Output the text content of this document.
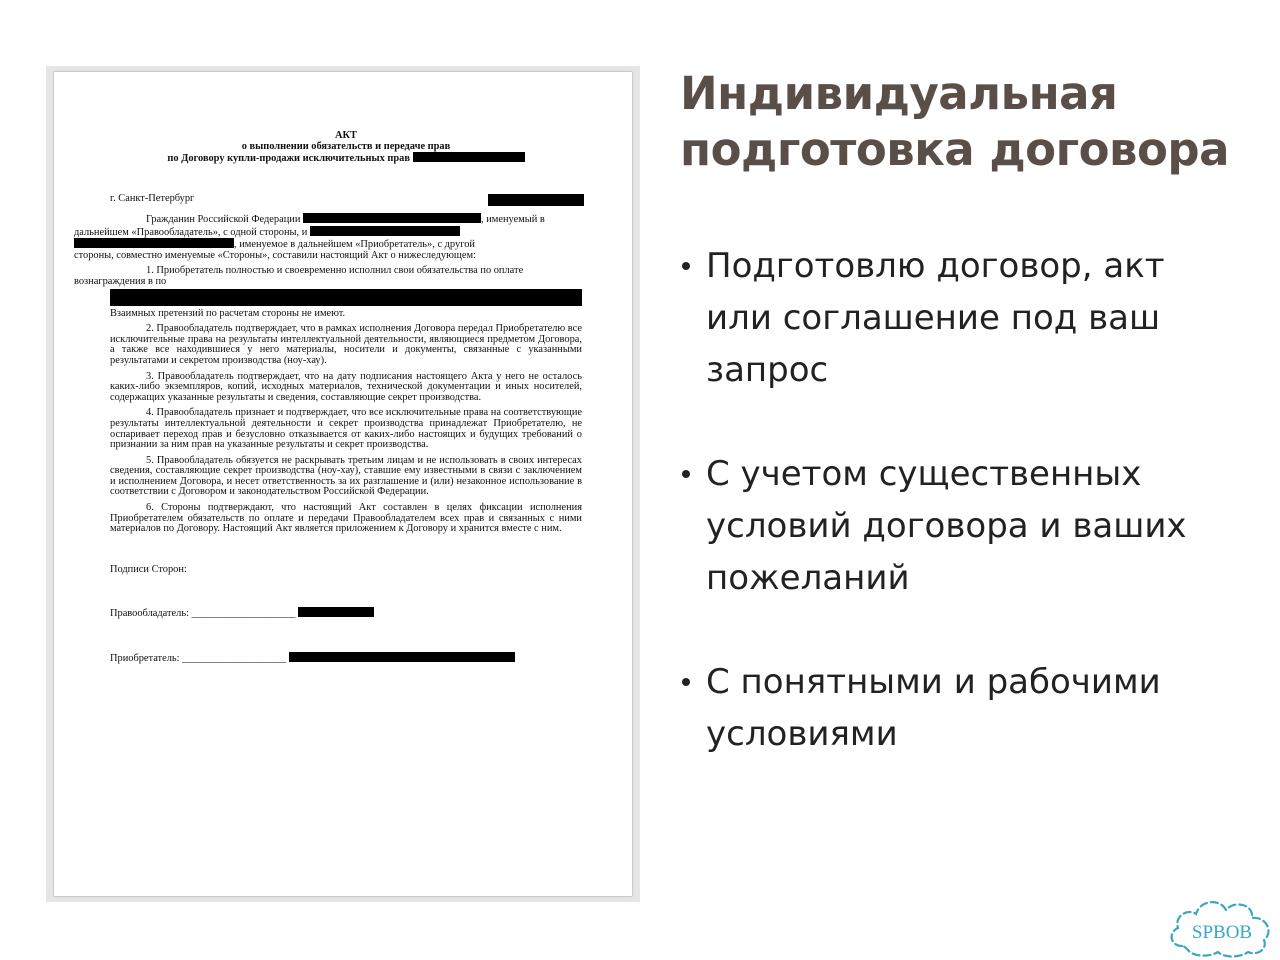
АКТ
о выполнении обязательств и передаче прав
по Договору купли-продажи исключительных прав
г. Санкт-Петербург
Гражданин Российской Федерации	, именуемый в
дальнейшем «Правообладатель», с одной стороны, и
, именуемое в дальнейшем «Приобретатель», с другой
стороны, совместно именуемые «Стороны», составили настоящий Акт о нижеследующем:
1. Приобретатель полностью и своевременно исполнил свои обязательства по оплате
вознаграждения в по
Взаимных претензий по расчетам стороны не имеют.
2. Правообладатель подтверждает, что в рамках исполнения Договора передал Приобретателю все исключительные права на результаты интеллектуальной деятельности, являющиеся предметом Договора, а также все находившиеся у него материалы, носители и документы, связанные с указанными результатами и секретом производства (ноу-хау).
3. Правообладатель подтверждает, что на дату подписания настоящего Акта у него не осталось каких-либо экземпляров, копий, исходных материалов, технической документации и иных носителей, содержащих указанные результаты и сведения, составляющие секрет производства.
4. Правообладатель признает и подтверждает, что все исключительные права на соответствующие результаты интеллектуальной деятельности и секрет производства принадлежат Приобретателю, не оспаривает переход прав и безусловно отказывается от каких-либо настоящих и будущих требований о признании за ним прав на указанные результаты и секрет производства.
5. Правообладатель обязуется не раскрывать третьим лицам и не использовать в своих интересах сведения, составляющие секрет производства (ноу-хау), ставшие ему известными в связи с заключением и исполнением Договора, и несет ответственность за их разглашение и (или) незаконное использование в соответствии с Договором и законодательством Российской Федерации.
6. Стороны подтверждают, что настоящий Акт составлен в целях фиксации исполнения Приобретателем обязательств по оплате и передачи Правообладателем всех прав и связанных с ними материалов по Договору. Настоящий Акт является приложением к Договору и хранится вместе с ним.
Подписи Сторон:
Правообладатель: ____________________
Приобретатель: ____________________
Индивидуальная
подготовка договора
Подготовлю договор, акт
или соглашение под ваш
запрос
С учетом существенных
условий договора и ваших
пожеланий
С понятными и рабочими
условиями
SPBOB
